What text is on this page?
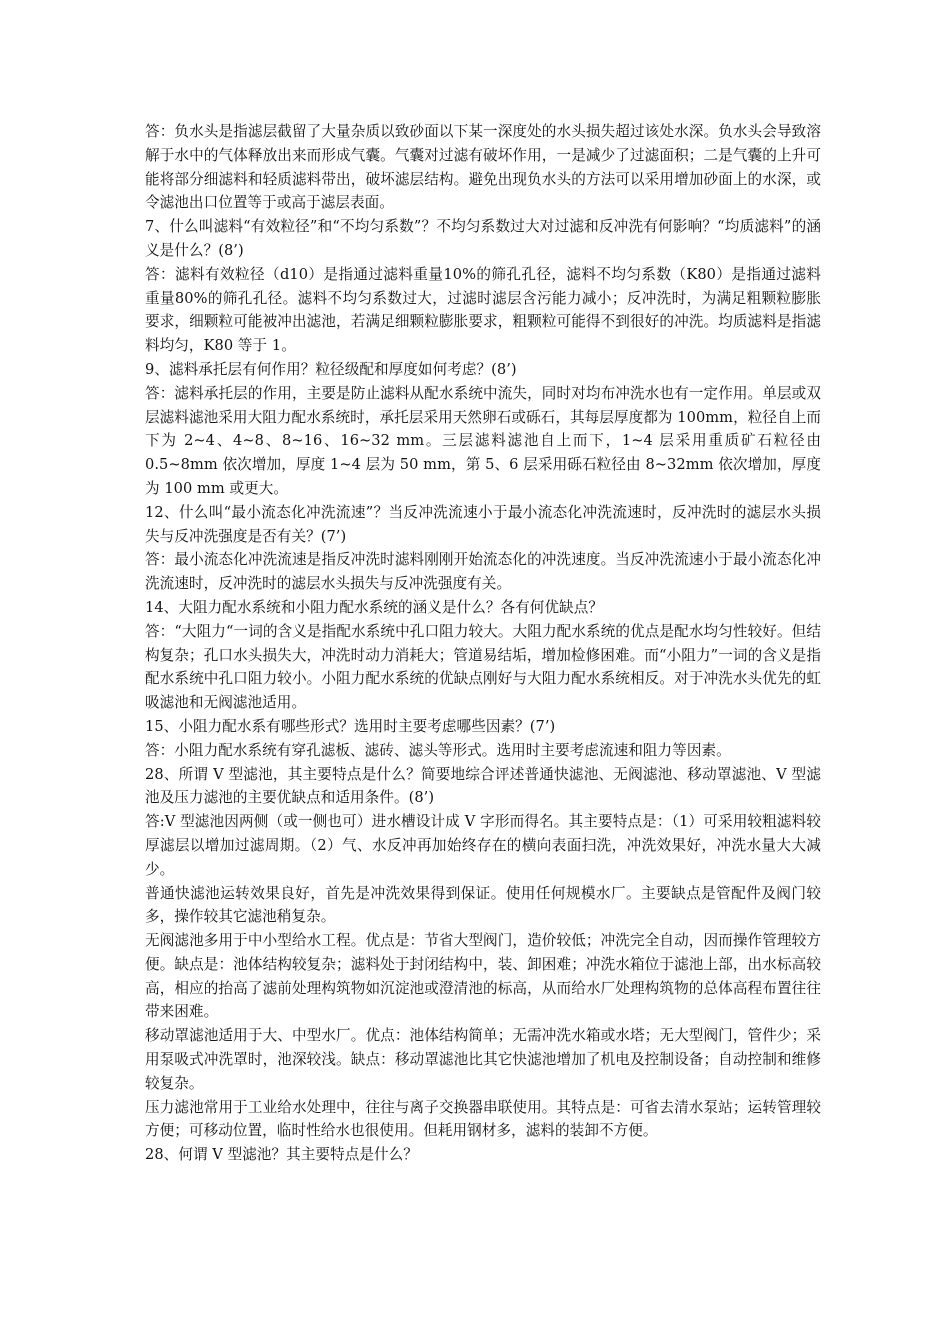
答：负水头是指滤层截留了大量杂质以致砂面以下某一深度处的水头损失超过该处水深。负水头会导致溶解于水中的气体释放出来而形成气囊。气囊对过滤有破坏作用，一是减少了过滤面积；二是气囊的上升可能将部分细滤料和轻质滤料带出，破坏滤层结构。避免出现负水头的方法可以采用增加砂面上的水深，或令滤池出口位置等于或高于滤层表面。

7、什么叫滤料“有效粒径”和“不均匀系数”？不均匀系数过大对过滤和反冲洗有何影响？“均质滤料”的涵义是什么？(8’)

答：滤料有效粒径（d10）是指通过滤料重量10%的筛孔孔径，滤料不均匀系数（K80）是指通过滤料重量80%的筛孔孔径。滤料不均匀系数过大，过滤时滤层含污能力减小；反冲洗时，为满足粗颗粒膨胀要求，细颗粒可能被冲出滤池，若满足细颗粒膨胀要求，粗颗粒可能得不到很好的冲洗。均质滤料是指滤料均匀，K80 等于 1。

9、滤料承托层有何作用？粒径级配和厚度如何考虑？(8’)

答：滤料承托层的作用，主要是防止滤料从配水系统中流失，同时对均布冲洗水也有一定作用。单层或双层滤料滤池采用大阻力配水系统时，承托层采用天然卵石或砾石，其每层厚度都为 100mm，粒径自上而下为 2~4、4~8、8~16、16~32 mm。三层滤料滤池自上而下，1~4 层采用重质矿石粒径由 0.5~8mm 依次增加，厚度 1~4 层为 50 mm，第 5、6 层采用砾石粒径由 8~32mm 依次增加，厚度为 100 mm 或更大。

12、什么叫“最小流态化冲洗流速”？当反冲洗流速小于最小流态化冲洗流速时，反冲洗时的滤层水头损失与反冲洗强度是否有关？(7’)

答：最小流态化冲洗流速是指反冲洗时滤料刚刚开始流态化的冲洗速度。当反冲洗流速小于最小流态化冲洗流速时，反冲洗时的滤层水头损失与反冲洗强度有关。

14、大阻力配水系统和小阻力配水系统的涵义是什么？各有何优缺点？

答：“大阻力“一词的含义是指配水系统中孔口阻力较大。大阻力配水系统的优点是配水均匀性较好。但结构复杂；孔口水头损失大，冲洗时动力消耗大；管道易结垢，增加检修困难。而“小阻力”一词的含义是指配水系统中孔口阻力较小。小阻力配水系统的优缺点刚好与大阻力配水系统相反。对于冲洗水头优先的虹吸滤池和无阀滤池适用。

15、小阻力配水系有哪些形式？选用时主要考虑哪些因素？(7’)

答：小阻力配水系统有穿孔滤板、滤砖、滤头等形式。选用时主要考虑流速和阻力等因素。

28、所谓 V 型滤池，其主要特点是什么？简要地综合评述普通快滤池、无阀滤池、移动罩滤池、V 型滤池及压力滤池的主要优缺点和适用条件。(8’)

答:V 型滤池因两侧（或一侧也可）进水槽设计成 V 字形而得名。其主要特点是：（1）可采用较粗滤料较厚滤层以增加过滤周期。（2）气、水反冲再加始终存在的横向表面扫洗，冲洗效果好，冲洗水量大大减少。

普通快滤池运转效果良好，首先是冲洗效果得到保证。使用任何规模水厂。主要缺点是管配件及阀门较多，操作较其它滤池稍复杂。

无阀滤池多用于中小型给水工程。优点是：节省大型阀门，造价较低；冲洗完全自动，因而操作管理较方便。缺点是：池体结构较复杂；滤料处于封闭结构中，装、卸困难；冲洗水箱位于滤池上部，出水标高较高，相应的抬高了滤前处理构筑物如沉淀池或澄清池的标高，从而给水厂处理构筑物的总体高程布置往往带来困难。

移动罩滤池适用于大、中型水厂。优点：池体结构简单；无需冲洗水箱或水塔；无大型阀门，管件少；采用泵吸式冲洗罩时，池深较浅。缺点：移动罩滤池比其它快滤池增加了机电及控制设备；自动控制和维修较复杂。

压力滤池常用于工业给水处理中，往往与离子交换器串联使用。其特点是：可省去清水泵站；运转管理较方便；可移动位置，临时性给水也很使用。但耗用钢材多，滤料的装卸不方便。

28、何谓 V 型滤池？其主要特点是什么？
